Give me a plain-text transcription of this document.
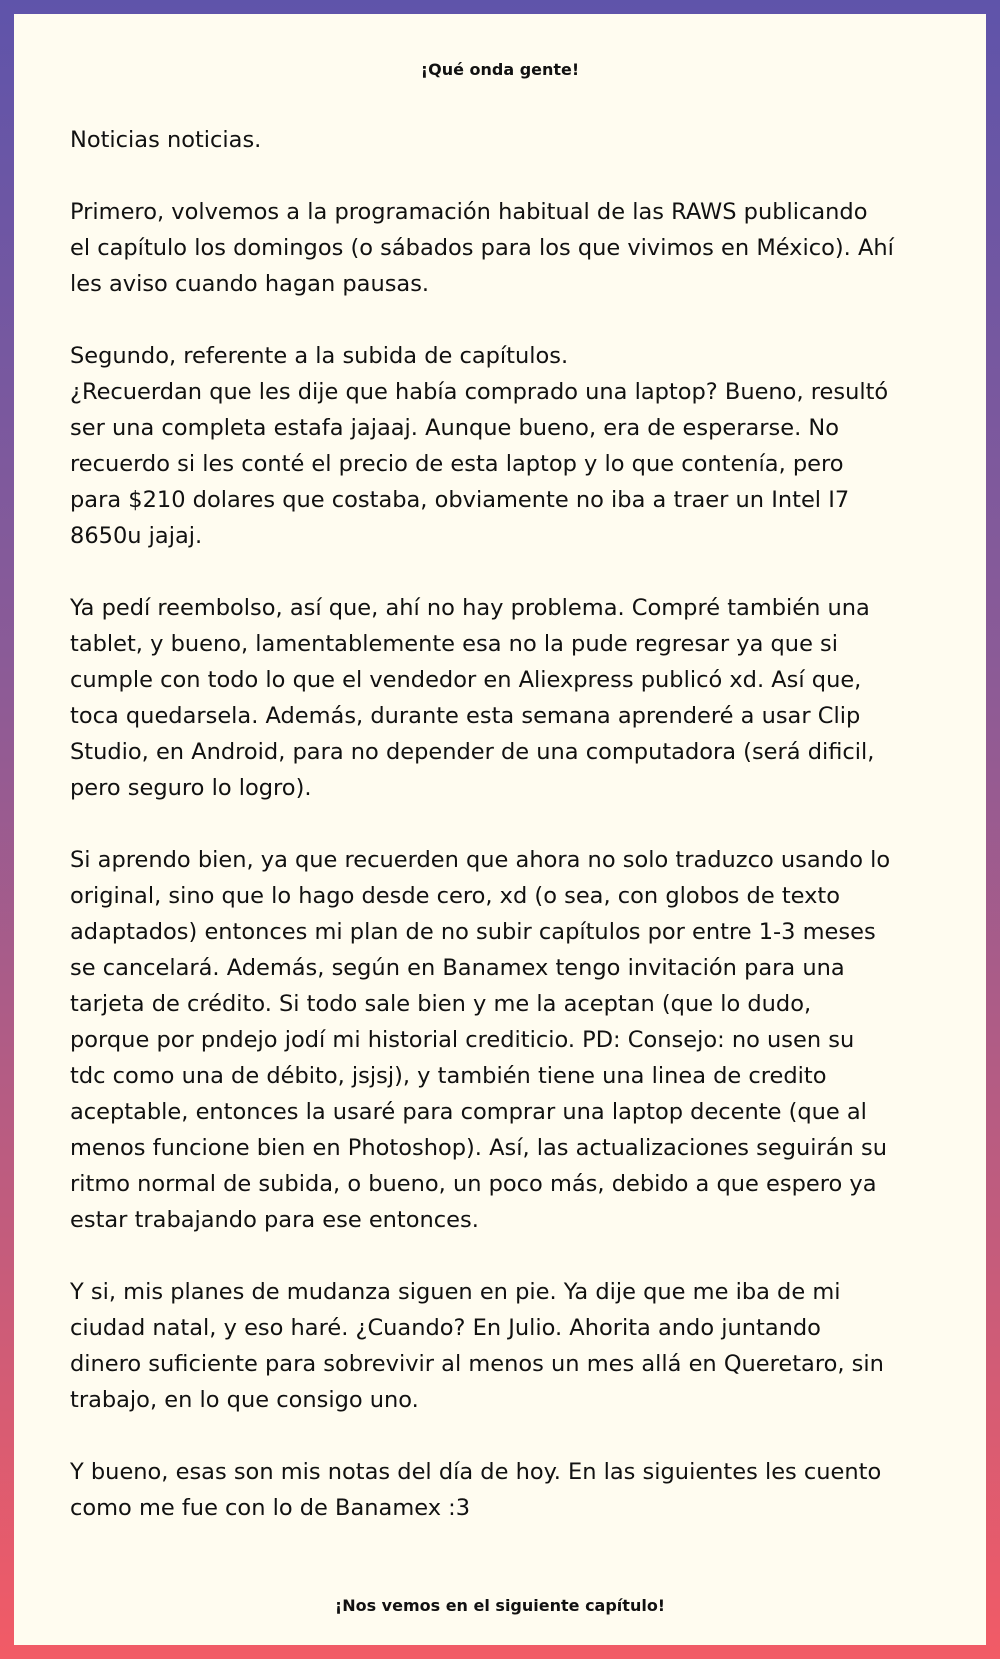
¡Qué onda gente!

Noticias noticias.

Primero, volvemos a la programación habitual de las RAWS publicando
el capítulo los domingos (o sábados para los que vivimos en México). Ahí
les aviso cuando hagan pausas.

Segundo, referente a la subida de capítulos.
¿Recuerdan que les dije que había comprado una laptop? Bueno, resultó
ser una completa estafa jajaaj. Aunque bueno, era de esperarse. No
recuerdo si les conté el precio de esta laptop y lo que contenía, pero
para $210 dolares que costaba, obviamente no iba a traer un Intel I7
8650u jajaj.

Ya pedí reembolso, así que, ahí no hay problema. Compré también una
tablet, y bueno, lamentablemente esa no la pude regresar ya que si
cumple con todo lo que el vendedor en Aliexpress publicó xd. Así que,
toca quedarsela. Además, durante esta semana aprenderé a usar Clip
Studio, en Android, para no depender de una computadora (será dificil,
pero seguro lo logro).

Si aprendo bien, ya que recuerden que ahora no solo traduzco usando lo
original, sino que lo hago desde cero, xd (o sea, con globos de texto
adaptados) entonces mi plan de no subir capítulos por entre 1-3 meses
se cancelará. Además, según en Banamex tengo invitación para una
tarjeta de crédito. Si todo sale bien y me la aceptan (que lo dudo,
porque por pndejo jodí mi historial crediticio. PD: Consejo: no usen su
tdc como una de débito, jsjsj), y también tiene una linea de credito
aceptable, entonces la usaré para comprar una laptop decente (que al
menos funcione bien en Photoshop). Así, las actualizaciones seguirán su
ritmo normal de subida, o bueno, un poco más, debido a que espero ya
estar trabajando para ese entonces.

Y si, mis planes de mudanza siguen en pie. Ya dije que me iba de mi
ciudad natal, y eso haré. ¿Cuando? En Julio. Ahorita ando juntando
dinero suficiente para sobrevivir al menos un mes allá en Queretaro, sin
trabajo, en lo que consigo uno.

Y bueno, esas son mis notas del día de hoy. En las siguientes les cuento
como me fue con lo de Banamex :3

¡Nos vemos en el siguiente capítulo!
